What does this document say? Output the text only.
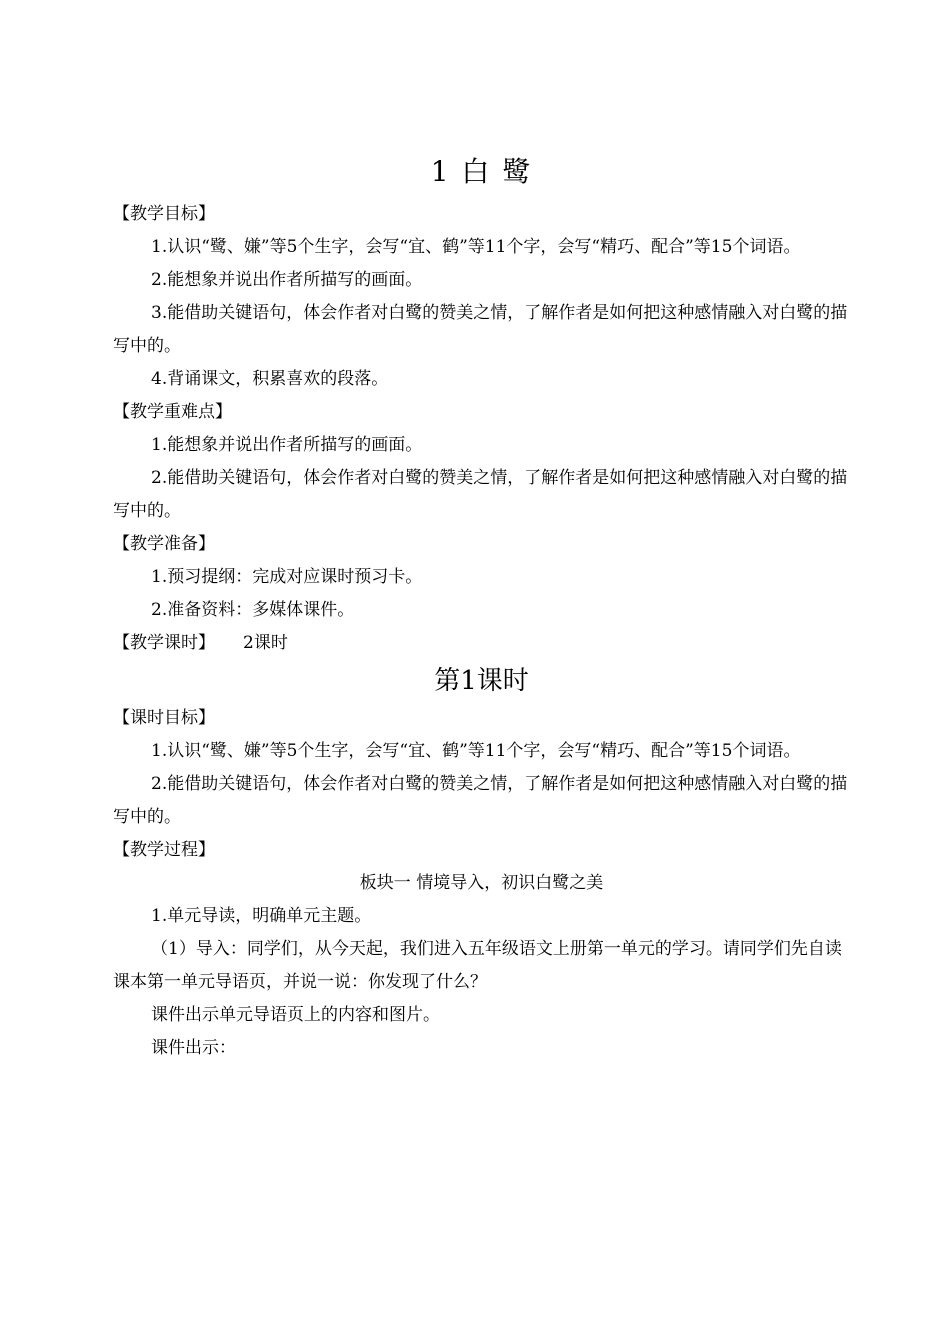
1 白 鹭
【教学目标】

1.认识“鹭、嫌”等5个生字，会写“宜、鹤”等11个字，会写“精巧、配合”等15个词语。

2.能想象并说出作者所描写的画面。

3.能借助关键语句，体会作者对白鹭的赞美之情，了解作者是如何把这种感情融入对白鹭的描写中的。

4.背诵课文，积累喜欢的段落。

【教学重难点】

1.能想象并说出作者所描写的画面。

2.能借助关键语句，体会作者对白鹭的赞美之情，了解作者是如何把这种感情融入对白鹭的描写中的。

【教学准备】

1.预习提纲：完成对应课时预习卡。

2.准备资料：多媒体课件。

【教学课时】 2课时
第1课时
【课时目标】

1.认识“鹭、嫌”等5个生字，会写“宜、鹤”等11个字，会写“精巧、配合”等15个词语。

2.能借助关键语句，体会作者对白鹭的赞美之情，了解作者是如何把这种感情融入对白鹭的描写中的。

【教学过程】
板块一 情境导入，初识白鹭之美

1.单元导读，明确单元主题。

（1）导入：同学们，从今天起，我们进入五年级语文上册第一单元的学习。请同学们先自读课本第一单元导语页，并说一说：你发现了什么？

课件出示单元导语页上的内容和图片。

课件出示：
